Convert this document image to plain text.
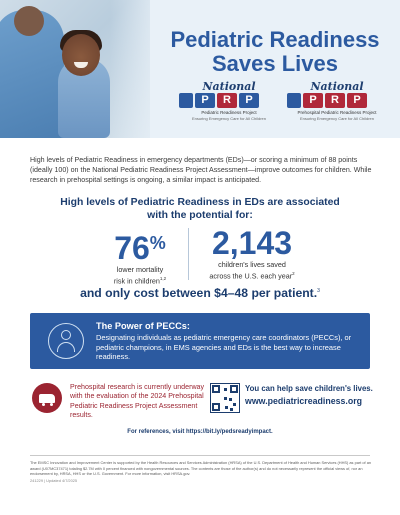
Pediatric Readiness
Saves Lives
National
P	R	P
Pediatric Readiness Project
Ensuring Emergency Care for All Children
National
P	R	P
Prehospital Pediatric Readiness Project
Ensuring Emergency Care for All Children

High levels of Pediatric Readiness in emergency departments (EDs)—or scoring a minimum of 88 points (ideally 100) on the National Pediatric Readiness Project Assessment—improve outcomes for children. While research in prehospital settings is ongoing, a similar impact is anticipated.

High levels of Pediatric Readiness in EDs are associated
with the potential for:
76%
lower mortality
risk in children$^{1,2}$
2,143
children's lives saved
across the U.S. each year$^2$
and only cost between $4–48 per patient.$^3$
The Power of PECCs:
Designating individuals as pediatric emergency care coordinators (PECCs), or pediatric champions, in EMS agencies and EDs is the best way to increase readiness.
Prehospital research is currently underway with the evaluation of the 2024 Prehospital Pediatric Readiness Project Assessment results.
You can help save children's lives.
www.pediatricreadiness.org
For references, visit https://bit.ly/pedsreadyimpact.
The EMSC Innovation and Improvement Center is supported by the Health Resources and Services Administration (HRSA) of the U.S. Department of Health and Human Services (HHS) as part of an award (U07MC37471) totaling $2.7M with 0 percent financed with nongovernmental sources. The contents are those of the author(s) and do not necessarily represent the official views of, nor an endorsement by, HRSA, HHS or the U.S. Government. For more information, visit HRSA.gov.
241229 | Updated 4/7/2025
